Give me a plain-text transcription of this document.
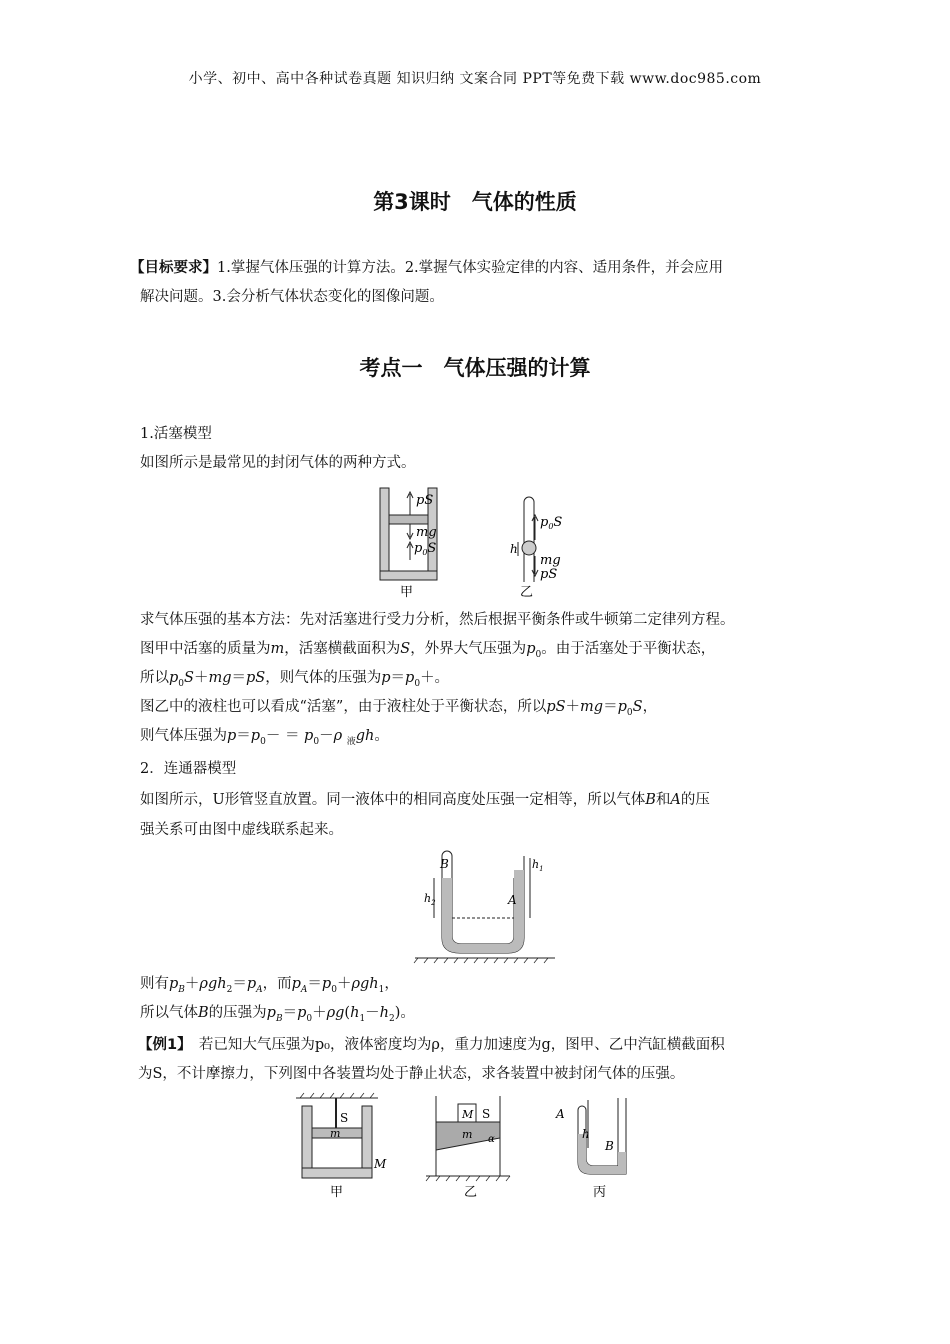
小学、初中、高中各种试卷真题 知识归纳 文案合同 PPT等免费下载 www.doc985.com
第3课时　气体的性质
【目标要求】1.掌握气体压强的计算方法。2.掌握气体实验定律的内容、适用条件，并会应用
解决问题。3.会分析气体状态变化的图像问题。
考点一　气体压强的计算
1.活塞模型
如图所示是最常见的封闭气体的两种方式。
pS
mg
$p_0S$
甲
$p_0S$
h
mg
pS
乙
求气体压强的基本方法：先对活塞进行受力分析，然后根据平衡条件或牛顿第二定律列方程。
图甲中活塞的质量为m，活塞横截面积为S，外界大气压强为$p_0$。由于活塞处于平衡状态，
所以$p_0S+mg=pS$，则气体的压强为$p=p_0+$。
图乙中的液柱也可以看成“活塞”，由于液柱处于平衡状态，所以$pS+mg=p_0S$，
则气体压强为$p=p_0- = p_0-\rho$ $_液$gh。
2．连通器模型
如图所示，U形管竖直放置。同一液体中的相同高度处压强一定相等，所以气体B和A的压
强关系可由图中虚线联系起来。
B
$h_2$
$h_1$
A
则有$p_B+\rho gh_2=p_A$，而$p_A=p_0+\rho gh_1$，
所以气体B的压强为$p_B=p_0+\rho g(h_1-h_2)$。
【例1】　 若已知大气压强为p₀，液体密度均为ρ，重力加速度为g，图甲、乙中汽缸横截面积
为S，不计摩擦力，下列图中各装置均处于静止状态，求各装置中被封闭气体的压强。
S
m
M
甲
M S
m α
乙
A
h
B
丙
